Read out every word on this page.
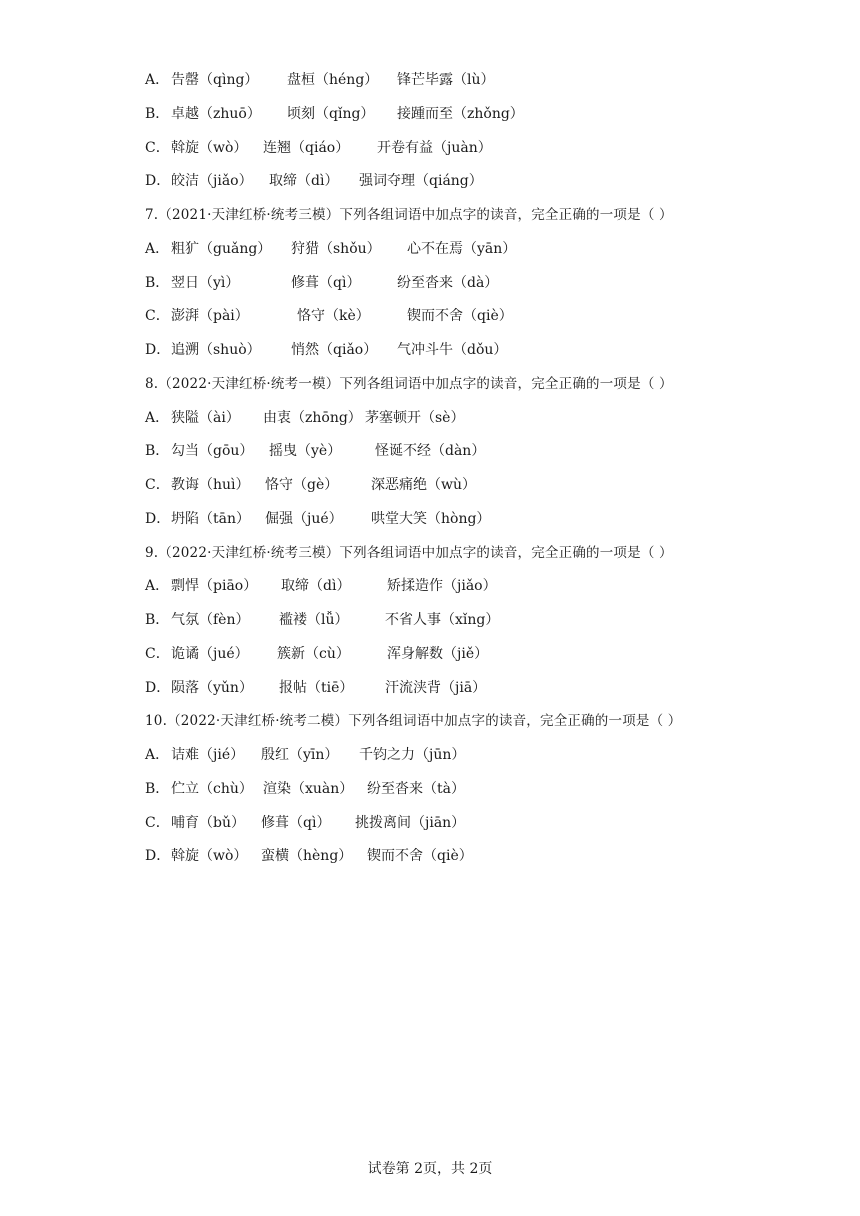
A． 告罄（qìng） 盘桓（héng） 锋芒毕露（lù）
B． 卓越（zhuō） 顷刻（qǐng） 接踵而至（zhǒng）
C． 斡旋（wò） 连翘（qiáo） 开卷有益（juàn）
D． 皎洁（jiǎo） 取缔（dì） 强词夺理（qiáng）
7.（2021·天津红桥·统考三模）下列各组词语中加点字的读音，完全正确的一项是（ ）
A． 粗犷（guǎng） 狩猎（shǒu） 心不在焉（yān）
B． 翌日（yì）	修葺（qì）	纷至沓来（dà）
C． 澎湃（pài）	恪守（kè）	锲而不舍（qiè）
D． 追溯（shuò） 悄然（qiǎo） 气冲斗牛（dǒu）
8.（2022·天津红桥·统考一模）下列各组词语中加点字的读音，完全正确的一项是（ ）
A． 狭隘（ài） 由衷（zhōng） 茅塞顿开（sè）
B． 勾当（gōu） 摇曳（yè） 怪诞不经（dàn）
C． 教诲（huì） 恪守（gè） 深恶痛绝（wù）
D． 坍陷（tān） 倔强（jué） 哄堂大笑（hòng）
9.（2022·天津红桥·统考三模）下列各组词语中加点字的读音，完全正确的一项是（ ）
A． 剽悍（piāo） 取缔（dì）	矫揉造作（jiǎo）
B． 气氛（fèn） 褴褛（lǚ）	不省人事（xǐng）
C． 诡谲（jué） 簇新（cù）	浑身解数（jiě）
D． 陨落（yǔn） 报帖（tiē） 汗流浃背（jiā）
10.（2022·天津红桥·统考二模）下列各组词语中加点字的读音，完全正确的一项是（ ）
A． 诘难（jié） 殷红（yīn） 千钧之力（jūn）
B． 伫立（chù） 渲染（xuàn） 纷至沓来（tà）
C． 哺育（bǔ） 修葺（qì） 挑拨离间（jiān）
D． 斡旋（wò） 蛮横（hèng） 锲而不舍（qiè）
试卷第 2页，共 2页
